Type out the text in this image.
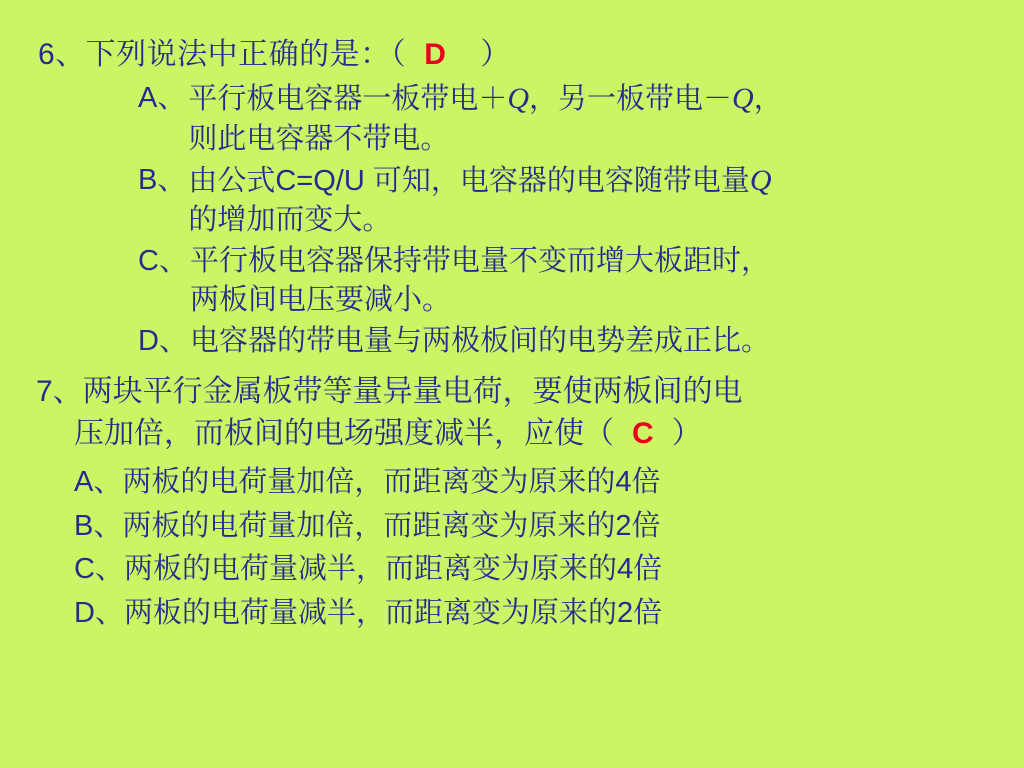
6、下列说法中正确的是：（ D ）
A、 平行板电容器一板带电＋Q，另一板带电－Q，
则此电容器不带电。
B、 由公式C=Q/U 可知，电容器的电容随带电量Q
的增加而变大。
C、 平行板电容器保持带电量不变而增大板距时，
两板间电压要减小。
D、 电容器的带电量与两极板间的电势差成正比。
7、两块平行金属板带等量异量电荷，要使两板间的电
压加倍，而板间的电场强度减半，应使（ C ）
A、两板的电荷量加倍，而距离变为原来的4倍
B、两板的电荷量加倍，而距离变为原来的2倍
C、两板的电荷量减半，而距离变为原来的4倍
D、两板的电荷量减半，而距离变为原来的2倍
